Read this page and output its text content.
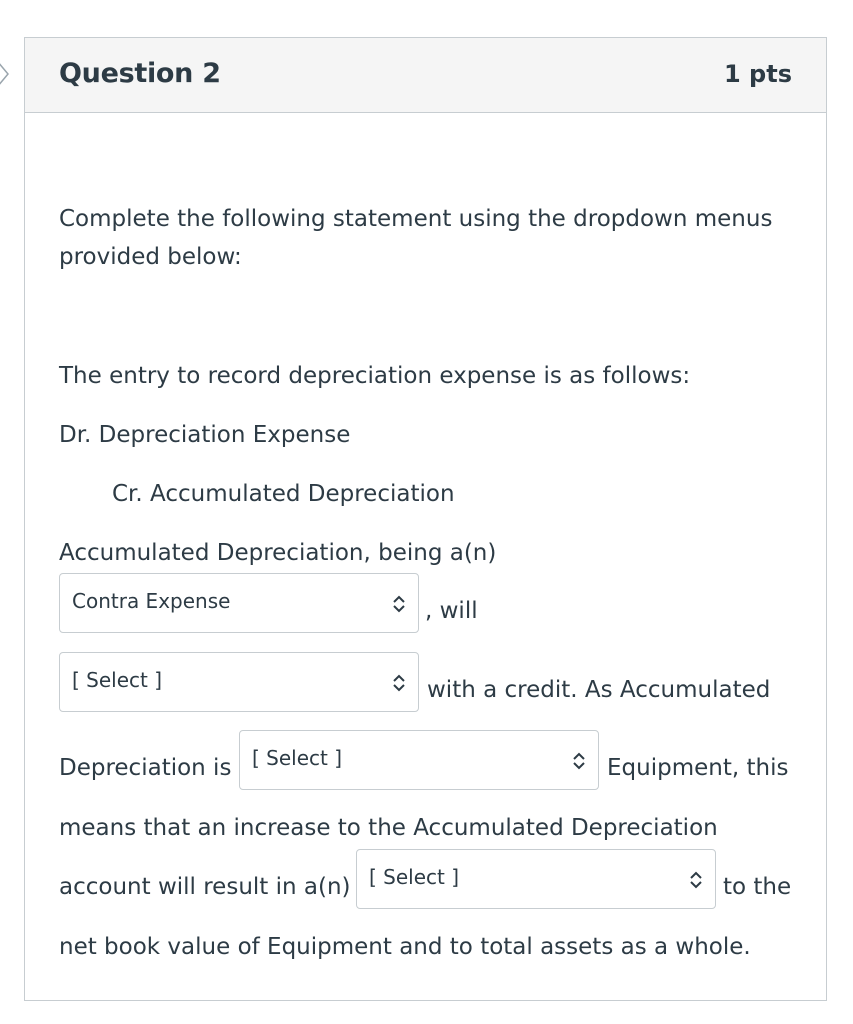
Question 2	1 pts
Complete the following statement using the dropdown menus
provided below:
The entry to record depreciation expense is as follows:
Dr. Depreciation Expense
Cr. Accumulated Depreciation
Accumulated Depreciation, being a(n)
Contra Expense	, will
[ Select ]	with a credit. As Accumulated
Depreciation is [ Select ]	Equipment, this
means that an increase to the Accumulated Depreciation
account will result in a(n) [ Select ]	to the
net book value of Equipment and to total assets as a whole.
